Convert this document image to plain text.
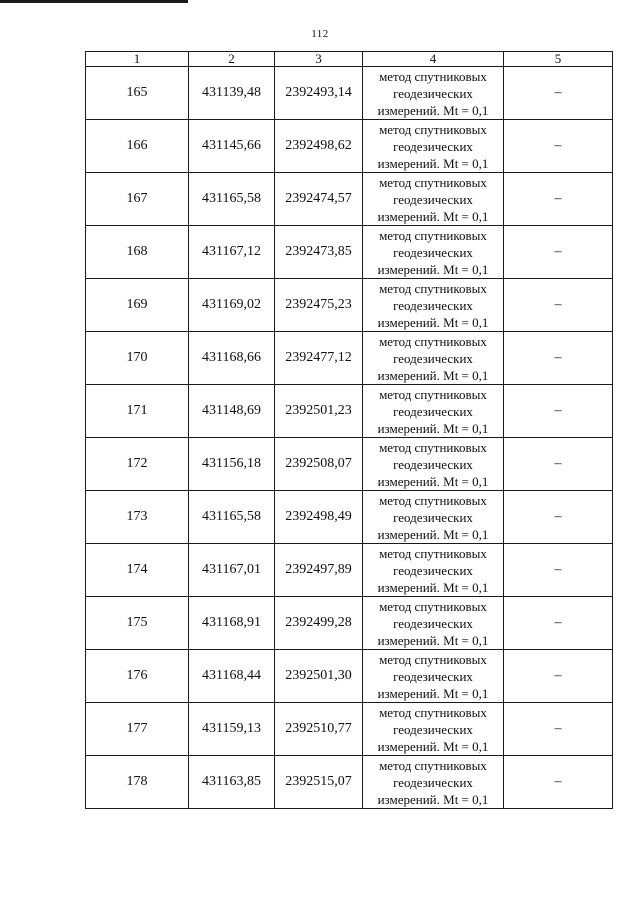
112
1	2	3	4	5
165	431139,48	2392493,14	метод спутниковых
геодезических
измерений. Mt = 0,1	–
166	431145,66	2392498,62	метод спутниковых
геодезических
измерений. Mt = 0,1	–
167	431165,58	2392474,57	метод спутниковых
геодезических
измерений. Mt = 0,1	–
168	431167,12	2392473,85	метод спутниковых
геодезических
измерений. Mt = 0,1	–
169	431169,02	2392475,23	метод спутниковых
геодезических
измерений. Mt = 0,1	–
170	431168,66	2392477,12	метод спутниковых
геодезических
измерений. Mt = 0,1	–
171	431148,69	2392501,23	метод спутниковых
геодезических
измерений. Mt = 0,1	–
172	431156,18	2392508,07	метод спутниковых
геодезических
измерений. Mt = 0,1	–
173	431165,58	2392498,49	метод спутниковых
геодезических
измерений. Mt = 0,1	–
174	431167,01	2392497,89	метод спутниковых
геодезических
измерений. Mt = 0,1	–
175	431168,91	2392499,28	метод спутниковых
геодезических
измерений. Mt = 0,1	–
176	431168,44	2392501,30	метод спутниковых
геодезических
измерений. Mt = 0,1	–
177	431159,13	2392510,77	метод спутниковых
геодезических
измерений. Mt = 0,1	–
178	431163,85	2392515,07	метод спутниковых
геодезических
измерений. Mt = 0,1	–
